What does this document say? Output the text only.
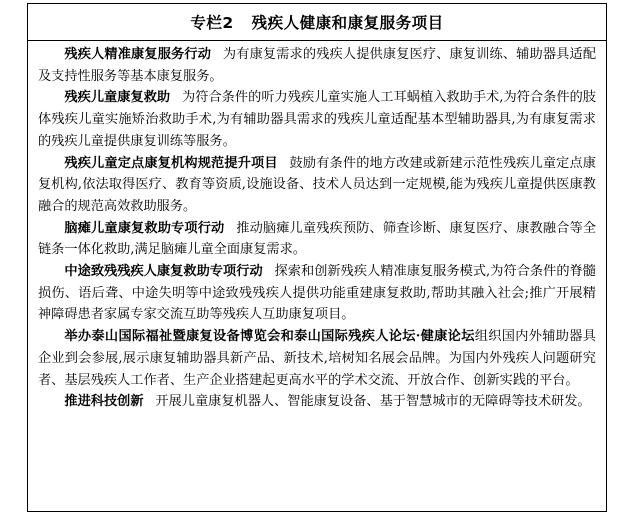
专栏2 残疾人健康和康复服务项目

残疾人精准康复服务行动 为有康复需求的残疾人提供康复医疗、康复训练、辅助器具适配及支持性服务等基本康复服务。

残疾儿童康复救助 为符合条件的听力残疾儿童实施人工耳蜗植入救助手术,为符合条件的肢体残疾儿童实施矫治救助手术,为有辅助器具需求的残疾儿童适配基本型辅助器具,为有康复需求的残疾儿童提供康复训练等服务。

残疾儿童定点康复机构规范提升项目 鼓励有条件的地方改建或新建示范性残疾儿童定点康复机构,依法取得医疗、教育等资质,设施设备、技术人员达到一定规模,能为残疾儿童提供医康教融合的规范高效救助服务。

脑瘫儿童康复救助专项行动 推动脑瘫儿童残疾预防、筛查诊断、康复医疗、康教融合等全链条一体化救助,满足脑瘫儿童全面康复需求。

中途致残残疾人康复救助专项行动 探索和创新残疾人精准康复服务模式,为符合条件的脊髓损伤、语后聋、中途失明等中途致残残疾人提供功能重建康复救助,帮助其融入社会;推广开展精神障碍患者家属专家交流互助等残疾人互助康复项目。

举办泰山国际福祉暨康复设备博览会和泰山国际残疾人论坛·健康论坛组织国内外辅助器具企业到会参展,展示康复辅助器具新产品、新技术,培树知名展会品牌。为国内外残疾人问题研究者、基层残疾人工作者、生产企业搭建起更高水平的学术交流、开放合作、创新实践的平台。

推进科技创新 开展儿童康复机器人、智能康复设备、基于智慧城市的无障碍等技术研发。
